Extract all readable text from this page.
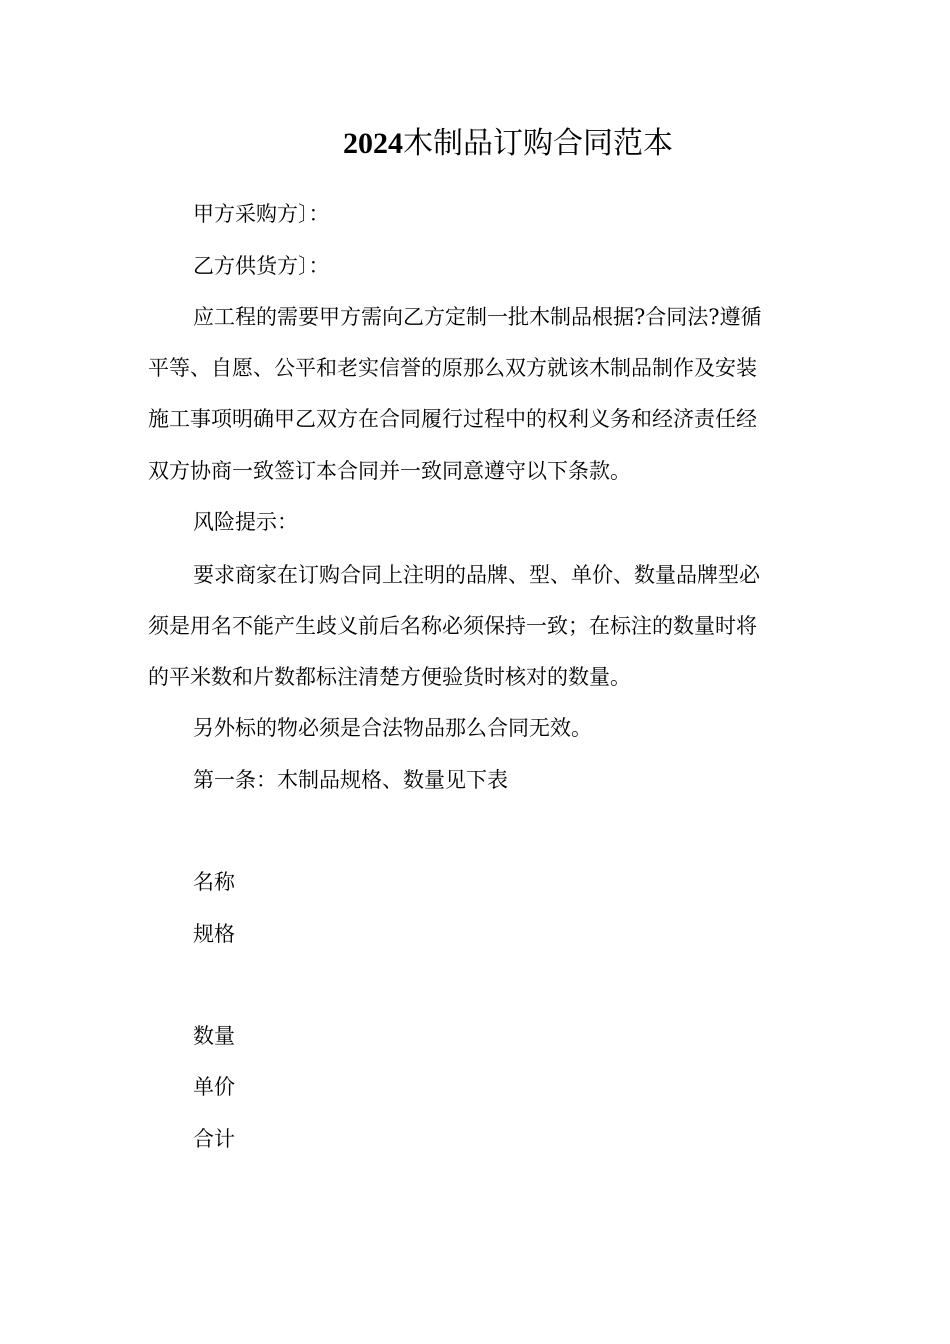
2024木制品订购合同范本

甲方采购方〕：

乙方供货方〕：

应工程的需要甲方需向乙方定制一批木制品根据?合同法?遵循

平等、自愿、公平和老实信誉的原那么双方就该木制品制作及安装

施工事项明确甲乙双方在合同履行过程中的权利义务和经济责任经

双方协商一致签订本合同并一致同意遵守以下条款。

风险提示：

要求商家在订购合同上注明的品牌、型、单价、数量品牌型必

须是用名不能产生歧义前后名称必须保持一致；在标注的数量时将

的平米数和片数都标注清楚方便验货时核对的数量。

另外标的物必须是合法物品那么合同无效。

第一条：木制品规格、数量见下表

名称

规格

数量

单价

合计
